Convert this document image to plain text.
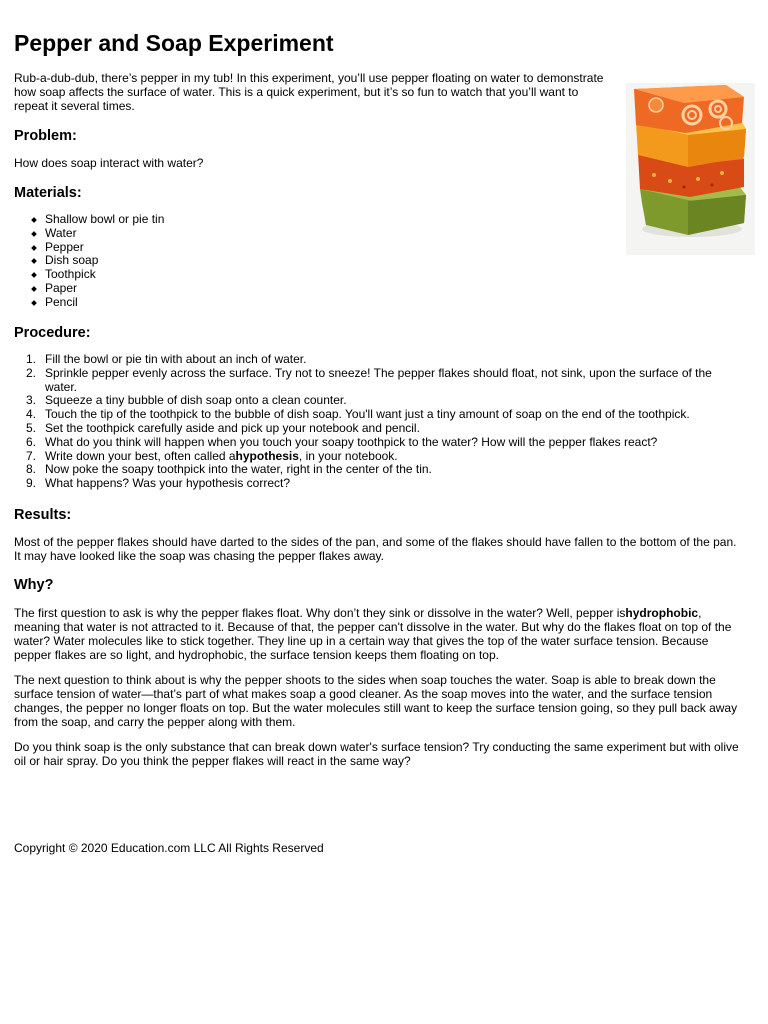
Pepper and Soap Experiment

Rub-a-dub-dub, there’s pepper in my tub! In this experiment, you’ll use pepper floating on water to demonstrate how soap affects the surface of water. This is a quick experiment, but it’s so fun to watch that you’ll want to repeat it several times.

Problem:

How does soap interact with water?

Materials:
Shallow bowl or pie tin
Water
Pepper
Dish soap
Toothpick
Paper
Pencil
Procedure:
1. Fill the bowl or pie tin with about an inch of water.
2. Sprinkle pepper evenly across the surface. Try not to sneeze! The pepper flakes should float, not sink, upon the surface of the water.
3. Squeeze a tiny bubble of dish soap onto a clean counter.
4. Touch the tip of the toothpick to the bubble of dish soap. You'll want just a tiny amount of soap on the end of the toothpick.
5. Set the toothpick carefully aside and pick up your notebook and pencil.
6. What do you think will happen when you touch your soapy toothpick to the water? How will the pepper flakes react?
7. Write down your best, often called ahypothesis, in your notebook.
8. Now poke the soapy toothpick into the water, right in the center of the tin.
9. What happens? Was your hypothesis correct?
Results:

Most of the pepper flakes should have darted to the sides of the pan, and some of the flakes should have fallen to the bottom of the pan. It may have looked like the soap was chasing the pepper flakes away.

Why?

The first question to ask is why the pepper flakes float. Why don’t they sink or dissolve in the water? Well, pepper ishydrophobic, meaning that water is not attracted to it. Because of that, the pepper can't dissolve in the water. But why do the flakes float on top of the water? Water molecules like to stick together. They line up in a certain way that gives the top of the water surface tension. Because pepper flakes are so light, and hydrophobic, the surface tension keeps them floating on top.

The next question to think about is why the pepper shoots to the sides when soap touches the water. Soap is able to break down the surface tension of water—that’s part of what makes soap a good cleaner. As the soap moves into the water, and the surface tension changes, the pepper no longer floats on top. But the water molecules still want to keep the surface tension going, so they pull back away from the soap, and carry the pepper along with them.

Do you think soap is the only substance that can break down water's surface tension? Try conducting the same experiment but with olive oil or hair spray. Do you think the pepper flakes will react in the same way?

Copyright © 2020 Education.com LLC All Rights Reserved
